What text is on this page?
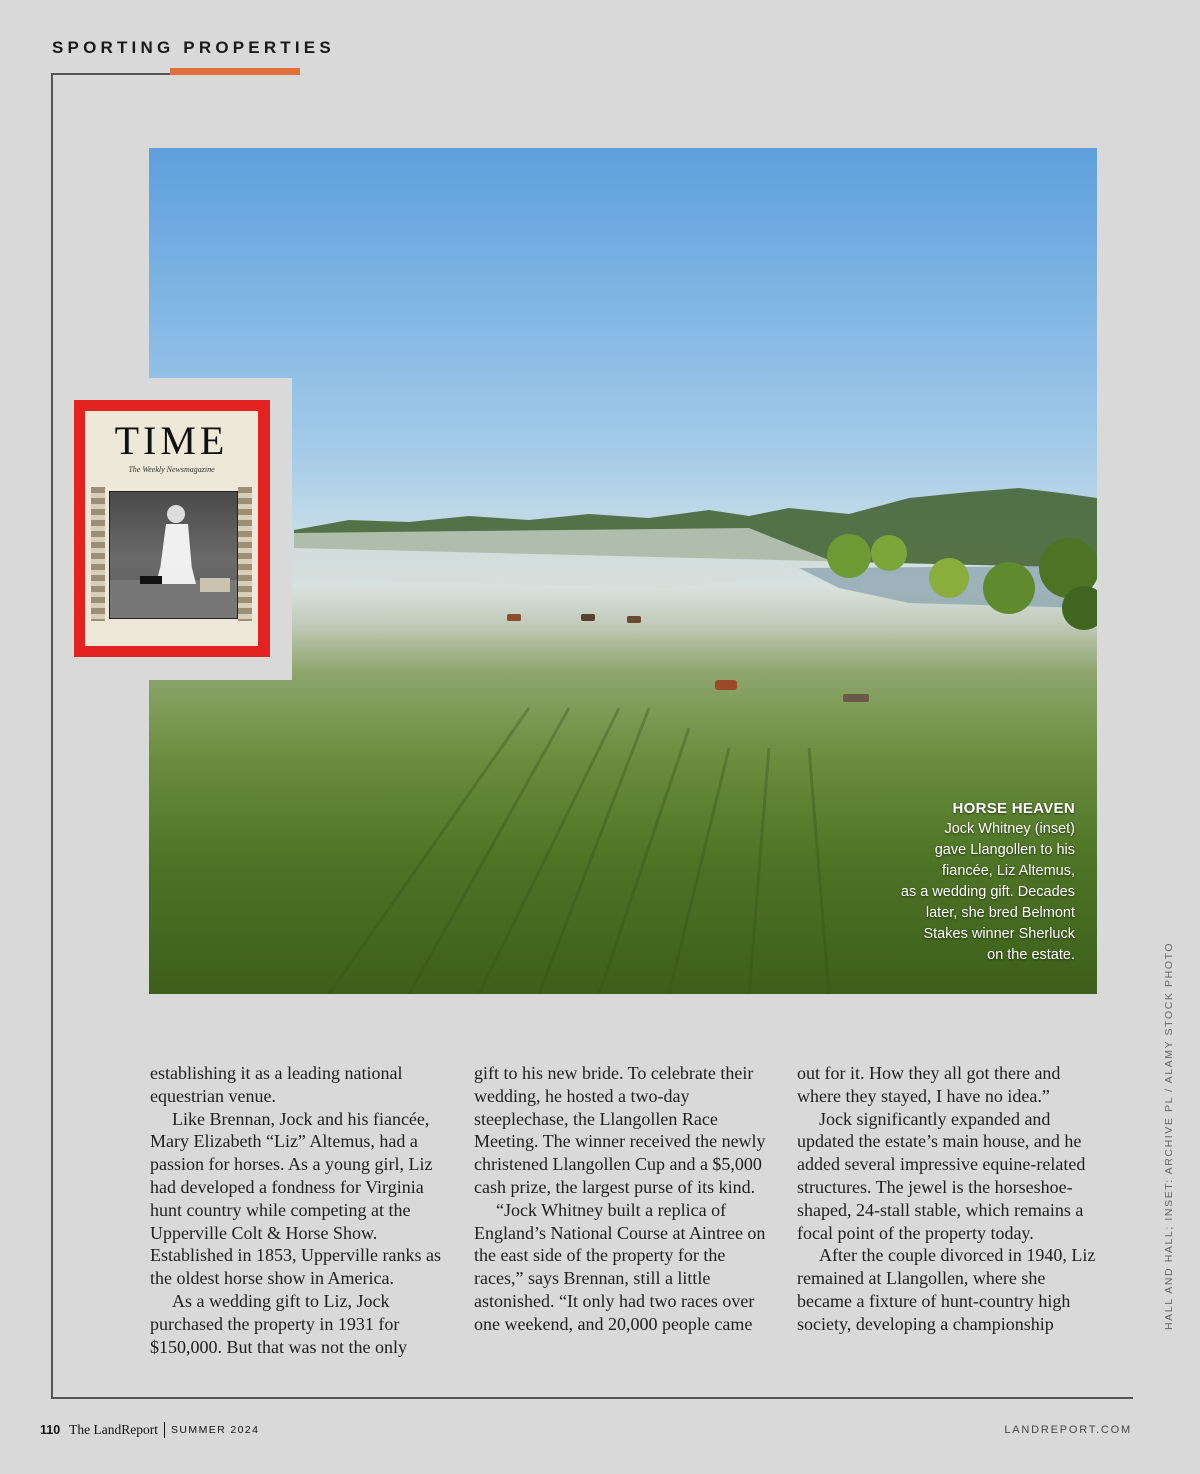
SPORTING PROPERTIES
HORSE HEAVEN
Jock Whitney (inset)
gave Llangollen to his
fiancée, Liz Altemus,
as a wedding gift. Decades
later, she bred Belmont
Stakes winner Sherluck
on the estate.
TIME
The Weekly Newsmagazine

establishing it as a leading national equestrian venue.

Like Brennan, Jock and his fiancée, Mary Elizabeth “Liz” Altemus, had a passion for horses. As a young girl, Liz had developed a fondness for Virginia hunt country while competing at the Upperville Colt & Horse Show. Established in 1853, Upperville ranks as the oldest horse show in America.

As a wedding gift to Liz, Jock purchased the property in 1931 for $150,000. But that was not the only

gift to his new bride. To celebrate their wedding, he hosted a two-day steeplechase, the Llangollen Race Meeting. The winner received the newly christened Llangollen Cup and a $5,000 cash prize, the largest purse of its kind.

“Jock Whitney built a replica of England’s National Course at Aintree on the east side of the property for the races,” says Brennan, still a little astonished. “It only had two races over one weekend, and 20,000 people came

out for it. How they all got there and where they stayed, I have no idea.”

Jock significantly expanded and updated the estate’s main house, and he added several impressive equine-related structures. The jewel is the horseshoe-shaped, 24-stall stable, which remains a focal point of the property today.

After the couple divorced in 1940, Liz remained at Llangollen, where she became a fixture of hunt-country high society, developing a championship	HALL AND HALL; INSET: ARCHIVE PL / ALAMY STOCK PHOTO
110 The LandReport SUMMER 2024	LANDREPORT.COM
